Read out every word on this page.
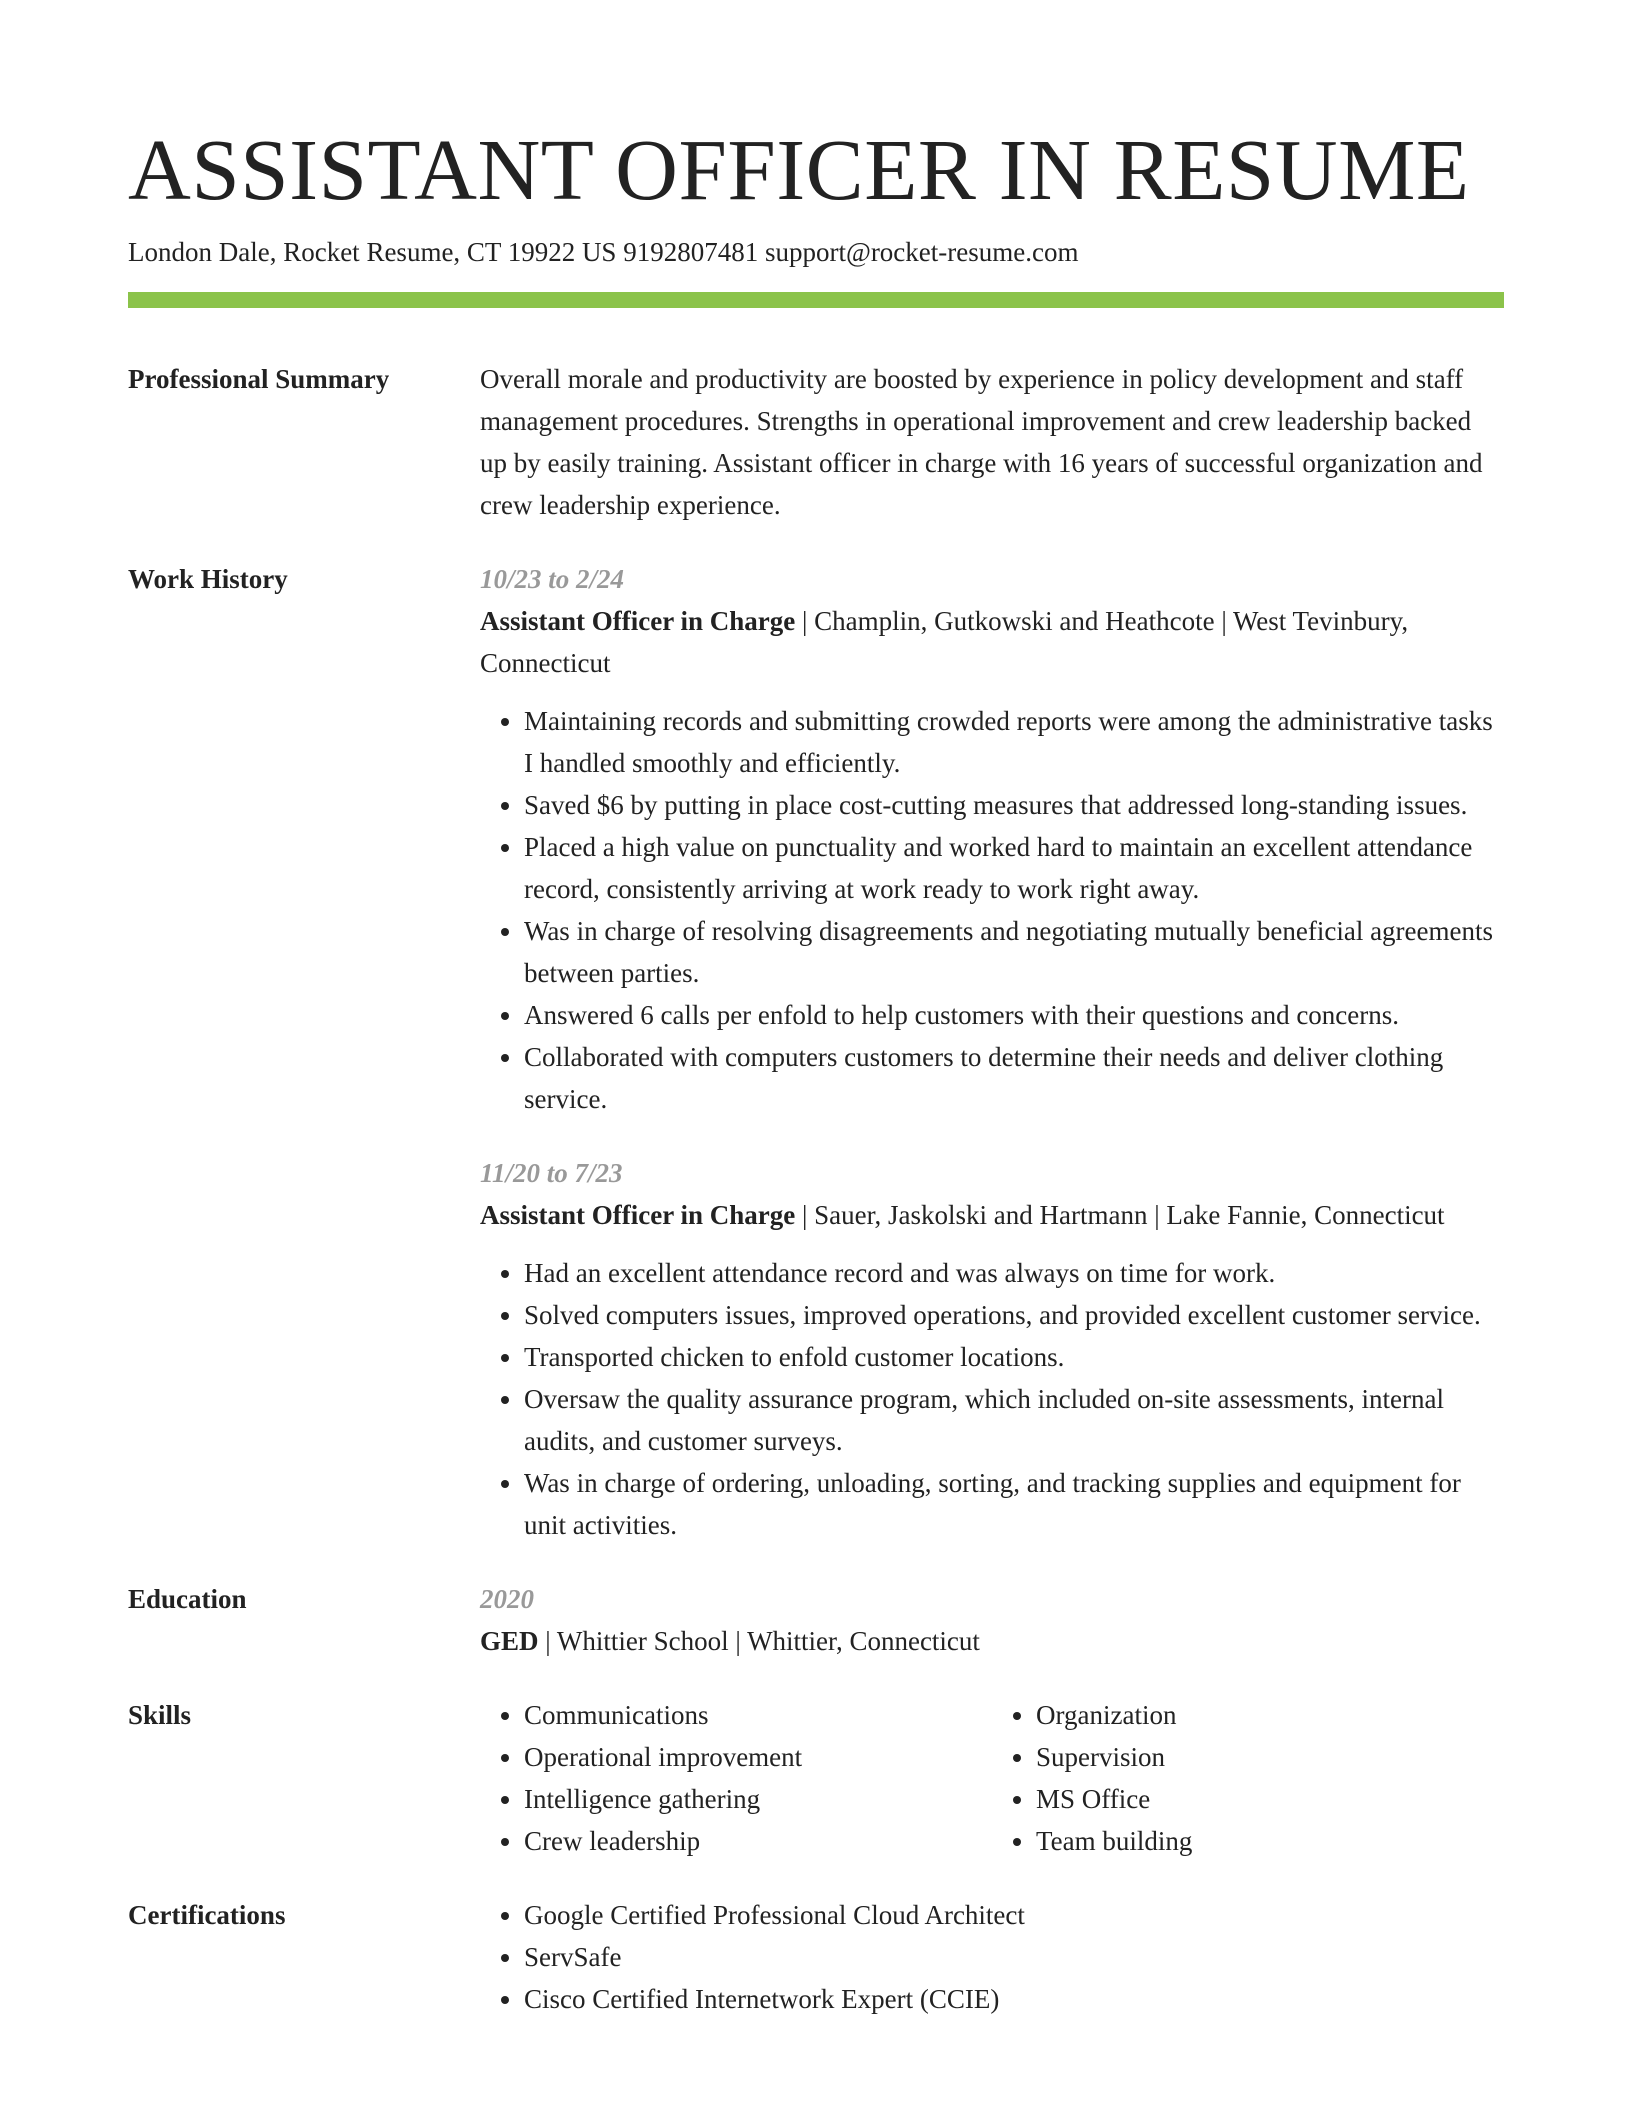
ASSISTANT OFFICER IN RESUME
London Dale, Rocket Resume, CT 19922 US 9192807481 support@rocket-resume.com
Professional Summary	Overall morale and productivity are boosted by experience in policy development and staff management procedures. Strengths in operational improvement and crew leadership backed up by easily training. Assistant officer in charge with 16 years of successful organization and crew leadership experience.
Work History	10/23 to 2/24
Assistant Officer in Charge | Champlin, Gutkowski and Heathcote | West Tevinbury, Connecticut
• Maintaining records and submitting crowded reports were among the administrative tasks I handled smoothly and efficiently.
• Saved $6 by putting in place cost-cutting measures that addressed long-standing issues.
• Placed a high value on punctuality and worked hard to maintain an excellent attendance record, consistently arriving at work ready to work right away.
• Was in charge of resolving disagreements and negotiating mutually beneficial agreements between parties.
• Answered 6 calls per enfold to help customers with their questions and concerns.
• Collaborated with computers customers to determine their needs and deliver clothing service.
11/20 to 7/23
Assistant Officer in Charge | Sauer, Jaskolski and Hartmann | Lake Fannie, Connecticut
• Had an excellent attendance record and was always on time for work.
• Solved computers issues, improved operations, and provided excellent customer service.
• Transported chicken to enfold customer locations.
• Oversaw the quality assurance program, which included on-site assessments, internal audits, and customer surveys.
• Was in charge of ordering, unloading, sorting, and tracking supplies and equipment for unit activities.
Education	2020
GED | Whittier School | Whittier, Connecticut
Skills	• Communications
• Operational improvement
• Intelligence gathering
• Crew leadership
• Organization
• Supervision
• MS Office
• Team building
Certifications	• Google Certified Professional Cloud Architect
• ServSafe
• Cisco Certified Internetwork Expert (CCIE)
